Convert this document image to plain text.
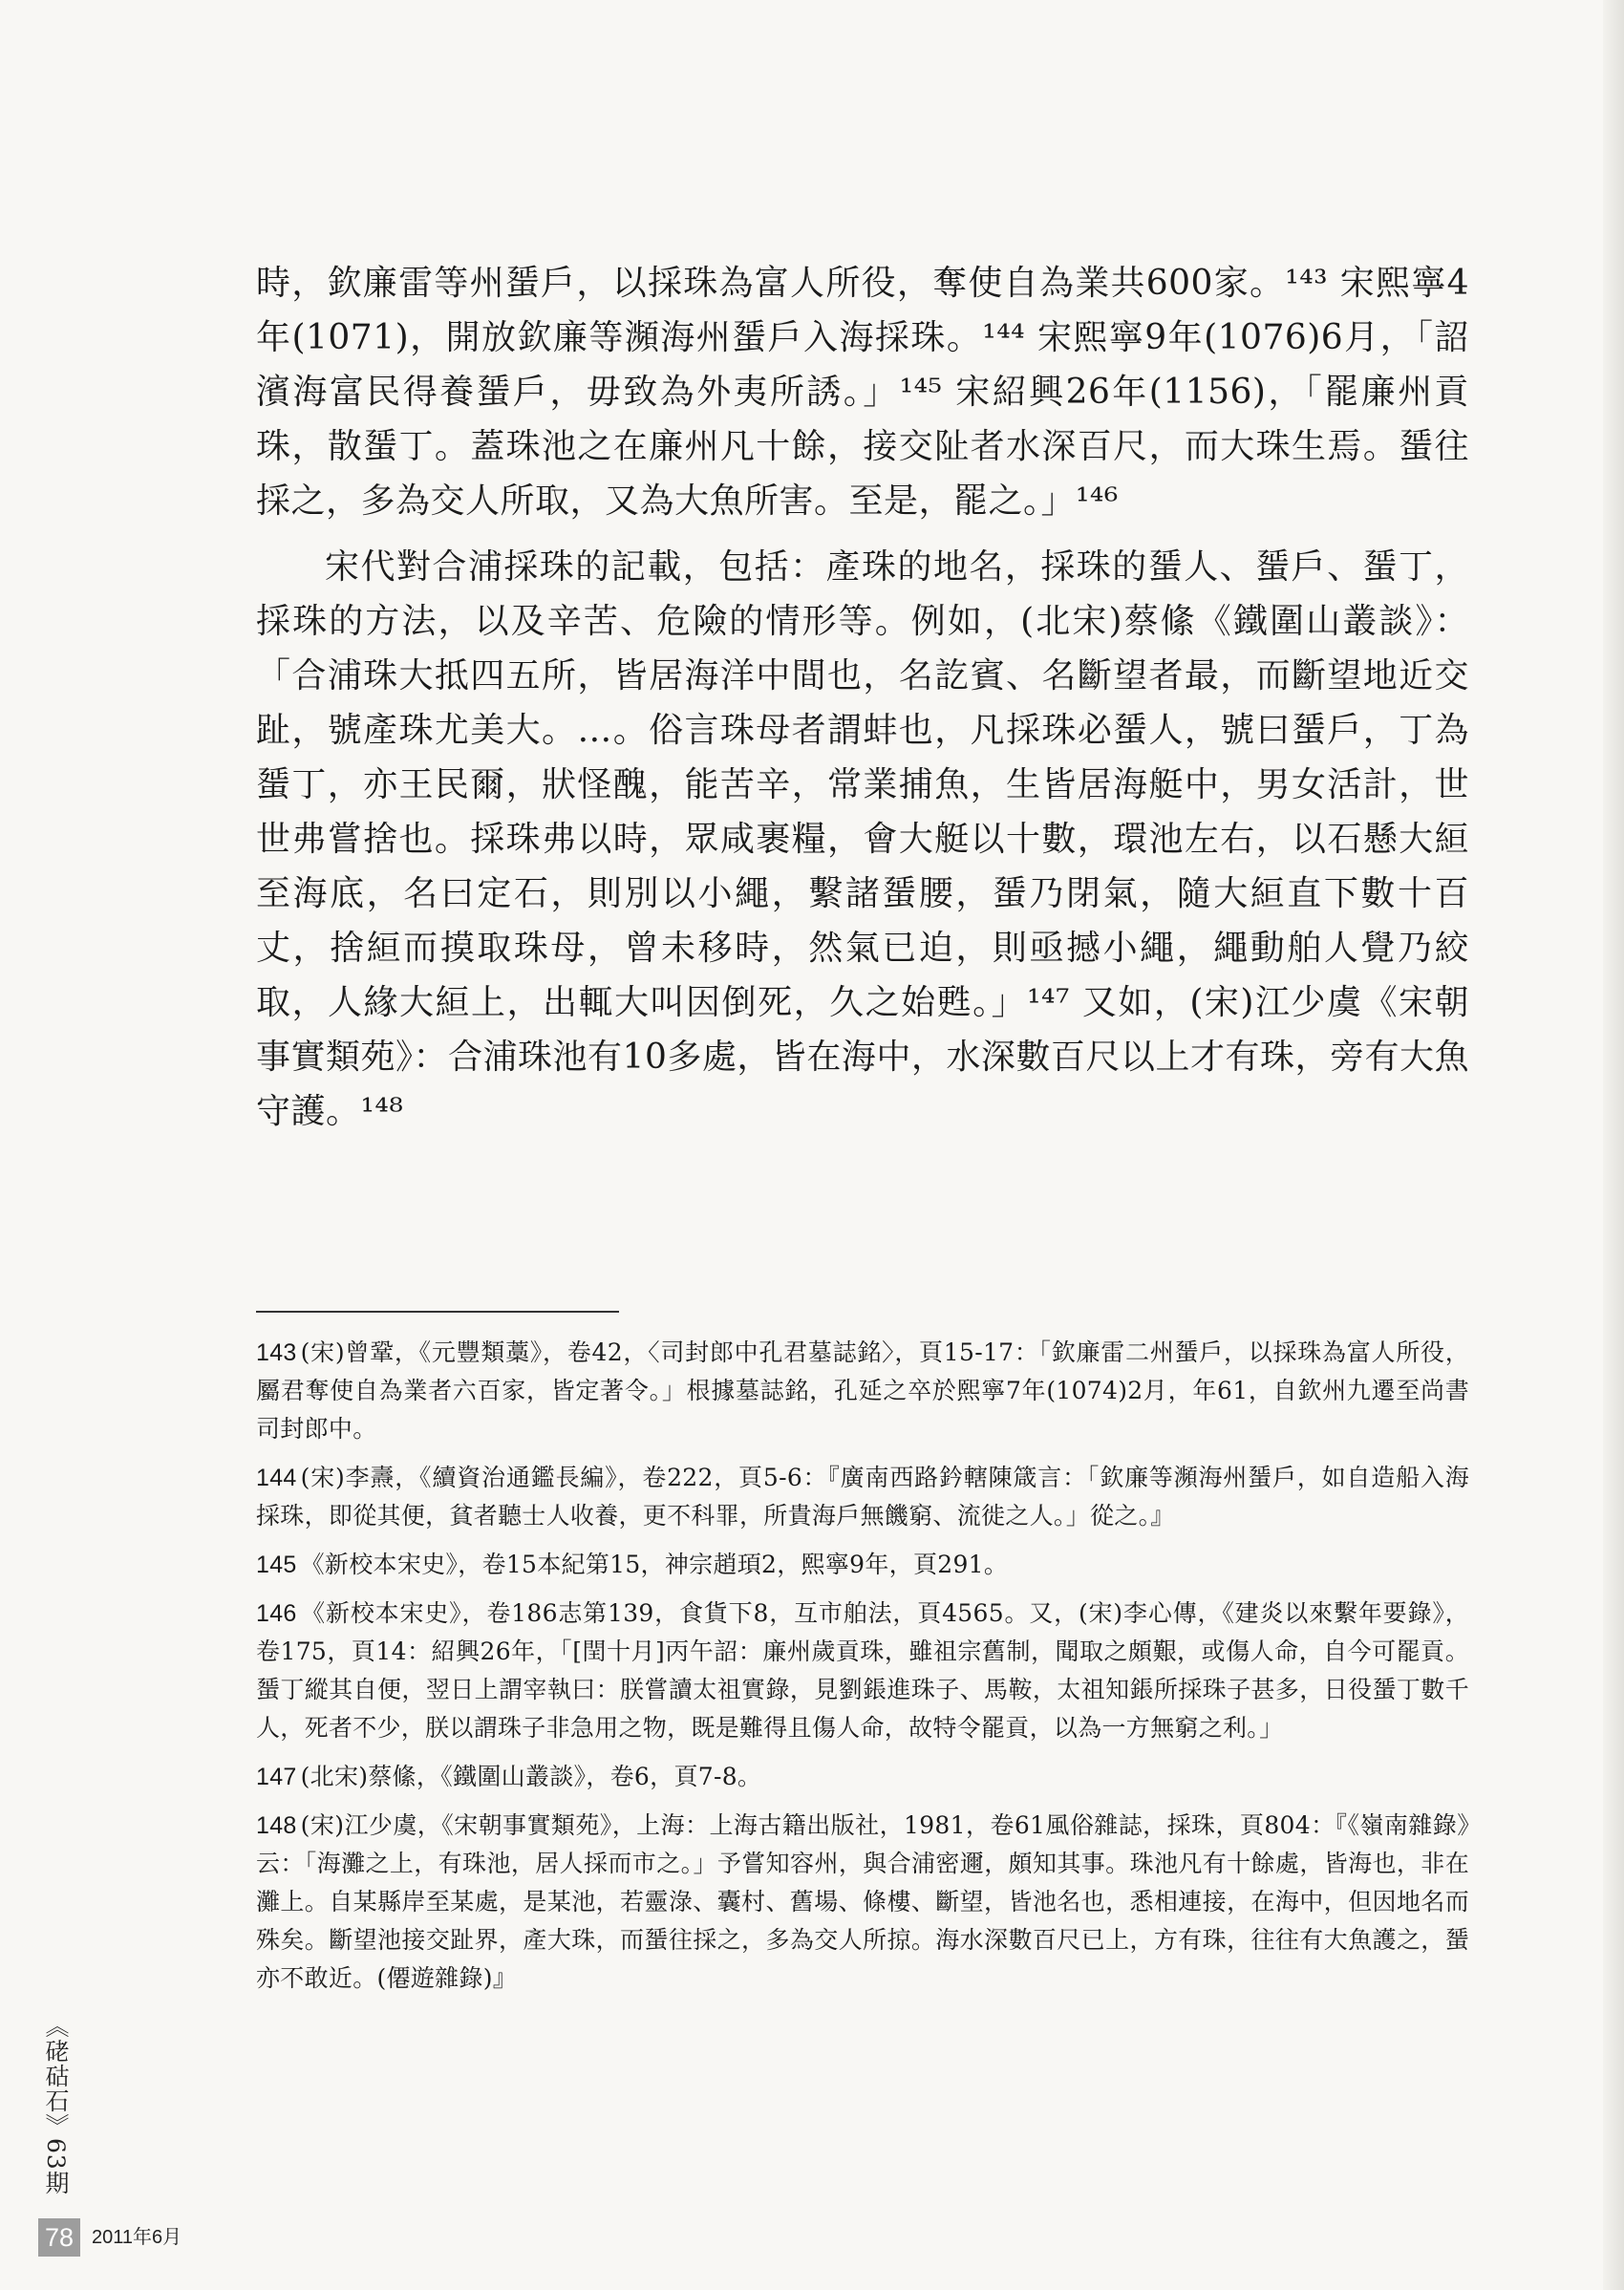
時，欽廉雷等州蜑戶，以採珠為富人所役，奪使自為業共600家。¹⁴³ 宋熙寧4年(1071)，開放欽廉等瀕海州蜑戶入海採珠。¹⁴⁴ 宋熙寧9年(1076)6月，「詔濱海富民得養蜑戶，毋致為外夷所誘。」¹⁴⁵ 宋紹興26年(1156)，「罷廉州貢珠，散蜑丁。蓋珠池之在廉州凡十餘，接交阯者水深百尺，而大珠生焉。蜑往採之，多為交人所取，又為大魚所害。至是，罷之。」¹⁴⁶

宋代對合浦採珠的記載，包括：產珠的地名，採珠的蜑人、蜑戶、蜑丁，採珠的方法，以及辛苦、危險的情形等。例如，(北宋)蔡絛《鐵圍山叢談》：「合浦珠大抵四五所，皆居海洋中間也，名訖賓、名斷望者最，而斷望地近交趾，號產珠尤美大。…。俗言珠母者謂蚌也，凡採珠必蜑人，號曰蜑戶，丁為蜑丁，亦王民爾，狀怪醜，能苦辛，常業捕魚，生皆居海艇中，男女活計，世世弗嘗捨也。採珠弗以時，眾咸裹糧，會大艇以十數，環池左右，以石懸大絙至海底，名曰定石，則別以小繩，繫諸蜑腰，蜑乃閉氣，隨大絙直下數十百丈，捨絙而摸取珠母，曾未移時，然氣已迫，則亟撼小繩，繩動舶人覺乃絞取，人緣大絙上，出輒大叫因倒死，久之始甦。」¹⁴⁷ 又如，(宋)江少虞《宋朝事實類苑》：合浦珠池有10多處，皆在海中，水深數百尺以上才有珠，旁有大魚守護。¹⁴⁸

143 (宋)曾鞏，《元豐類藁》，卷42，〈司封郎中孔君墓誌銘〉，頁15-17：「欽廉雷二州蜑戶，以採珠為富人所役，屬君奪使自為業者六百家，皆定著令。」根據墓誌銘，孔延之卒於熙寧7年(1074)2月，年61，自欽州九遷至尚書司封郎中。

144 (宋)李燾，《續資治通鑑長編》，卷222，頁5-6：『廣南西路鈐轄陳箴言：「欽廉等瀕海州蜑戶，如自造船入海採珠，即從其便，貧者聽士人收養，更不科罪，所貴海戶無饑窮、流徙之人。」從之。』

145 《新校本宋史》，卷15本紀第15，神宗趙頊2，熙寧9年，頁291。

146 《新校本宋史》，卷186志第139，食貨下8，互市舶法，頁4565。又，(宋)李心傳，《建炎以來繫年要錄》，卷175，頁14：紹興26年，「[閏十月]丙午詔：廉州歲貢珠，雖祖宗舊制，聞取之頗艱，或傷人命，自今可罷貢。蜑丁縱其自便，翌日上謂宰執曰：朕嘗讀太祖實錄，見劉鋹進珠子、馬鞍，太祖知鋹所採珠子甚多，日役蜑丁數千人，死者不少，朕以謂珠子非急用之物，既是難得且傷人命，故特令罷貢，以為一方無窮之利。」

147 (北宋)蔡絛，《鐵圍山叢談》，卷6，頁7-8。

148 (宋)江少虞，《宋朝事實類苑》，上海：上海古籍出版社，1981，卷61風俗雜誌，採珠，頁804：『《嶺南雜錄》云：「海灘之上，有珠池，居人採而市之。」予嘗知容州，與合浦密邇，頗知其事。珠池凡有十餘處，皆海也，非在灘上。自某縣岸至某處，是某池，若靈淥、囊村、舊場、條樓、斷望，皆池名也，悉相連接，在海中，但因地名而殊矣。斷望池接交趾界，產大珠，而蜑往採之，多為交人所掠。海水深數百尺已上，方有珠，往往有大魚護之，蜑亦不敢近。(僊遊雜錄)』

《硓𥑮石》63期
78 2011年6月
